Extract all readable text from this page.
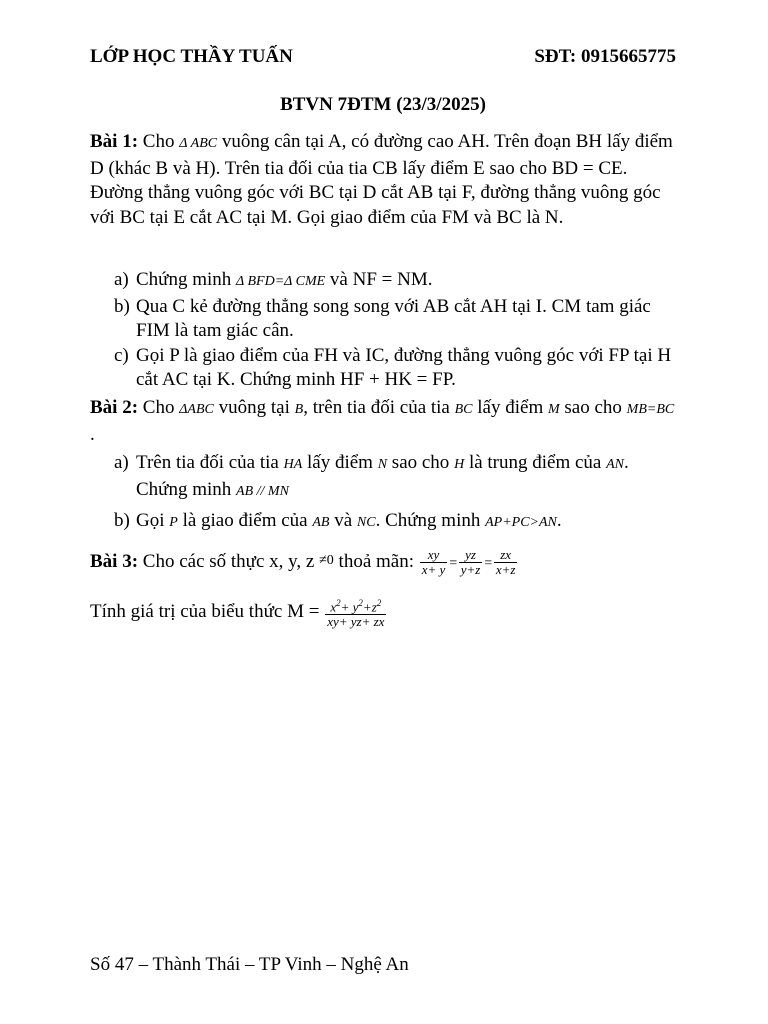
LỚP HỌC THẦY TUẤN	SĐT: 0915665775
BTVN 7ĐTM (23/3/2025)
Bài 1: Cho Δ ABC vuông cân tại A, có đường cao AH. Trên đoạn BH lấy điểm D (khác B và H). Trên tia đối của tia CB lấy điểm E sao cho BD = CE. Đường thẳng vuông góc với BC tại D cắt AB tại F, đường thẳng vuông góc với BC tại E cắt AC tại M. Gọi giao điểm của FM và BC là N.
a) Chứng minh Δ BFD=Δ CME và NF = NM.
b) Qua C kẻ đường thẳng song song với AB cắt AH tại I. CM tam giác FIM là tam giác cân.
c) Gọi P là giao điểm của FH và IC, đường thẳng vuông góc với FP tại H cắt AC tại K. Chứng minh HF + HK = FP.
Bài 2: Cho ΔABC vuông tại B, trên tia đối của tia BC lấy điểm M sao cho MB=BC .
a) Trên tia đối của tia HA lấy điểm N sao cho H là trung điểm của AN. Chứng minh AB // MN
b) Gọi P là giao điểm của AB và NC. Chứng minh AP+PC>AN.
Bài 3: Cho các số thực x, y, z ≠0 thoả mãn: $\frac{xy}{x+ y} = \frac{yz}{y+z} = \frac{zx}{x+z}$
Tính giá trị của biểu thức $M = \frac{x^2+ y^2+z^2}{xy+ yz+ zx}$
Số 47 – Thành Thái – TP Vinh – Nghệ An
